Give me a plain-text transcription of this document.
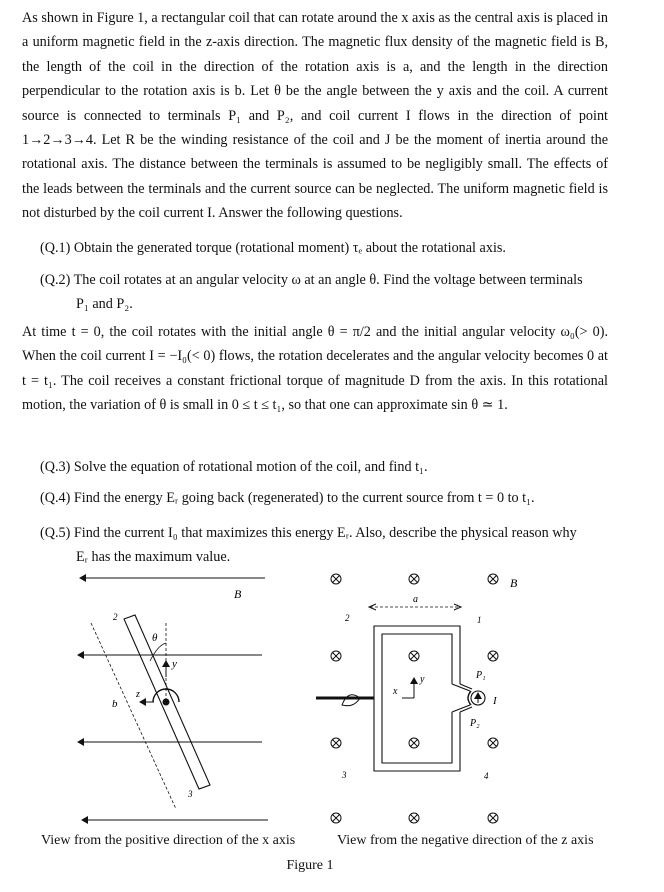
As shown in Figure 1, a rectangular coil that can rotate around the x axis as the central axis is placed in a uniform magnetic field in the z-axis direction. The magnetic flux density of the magnetic field is B, the length of the coil in the direction of the rotation axis is a, and the length in the direction perpendicular to the rotation axis is b. Let θ be the angle between the y axis and the coil. A current source is connected to terminals P₁ and P₂, and coil current I flows in the direction of point 1→2→3→4. Let R be the winding resistance of the coil and J be the moment of inertia around the rotational axis. The distance between the terminals is assumed to be negligibly small. The effects of the leads between the terminals and the current source can be neglected. The uniform magnetic field is not disturbed by the coil current I. Answer the following questions.

(Q.1) Obtain the generated torque (rotational moment) τₑ about the rotational axis.

(Q.2) The coil rotates at an angular velocity ω at an angle θ. Find the voltage between terminals
P₁ and P₂.

At time t = 0, the coil rotates with the initial angle θ = π/2 and the initial angular velocity ω₀(> 0). When the coil current I = −I₀(< 0) flows, the rotation decelerates and the angular velocity becomes 0 at t = t₁. The coil receives a constant frictional torque of magnitude D from the axis. In this rotational motion, the variation of θ is small in 0 ≤ t ≤ t₁, so that one can approximate sin θ ≃ 1.

(Q.3) Solve the equation of rotational motion of the coil, and find t₁.

(Q.4) Find the energy Eᵣ going back (regenerated) to the current source from t = 0 to t₁.

(Q.5) Find the current I₀ that maximizes this energy Eᵣ. Also, describe the physical reason why
Eᵣ has the maximum value.

B
y
z
θ
b
2
3
B
a
P₁
P₂
I
y
x
2	1
3	4
View from the positive direction of the x axis	View from the negative direction of the z axis
Figure 1
